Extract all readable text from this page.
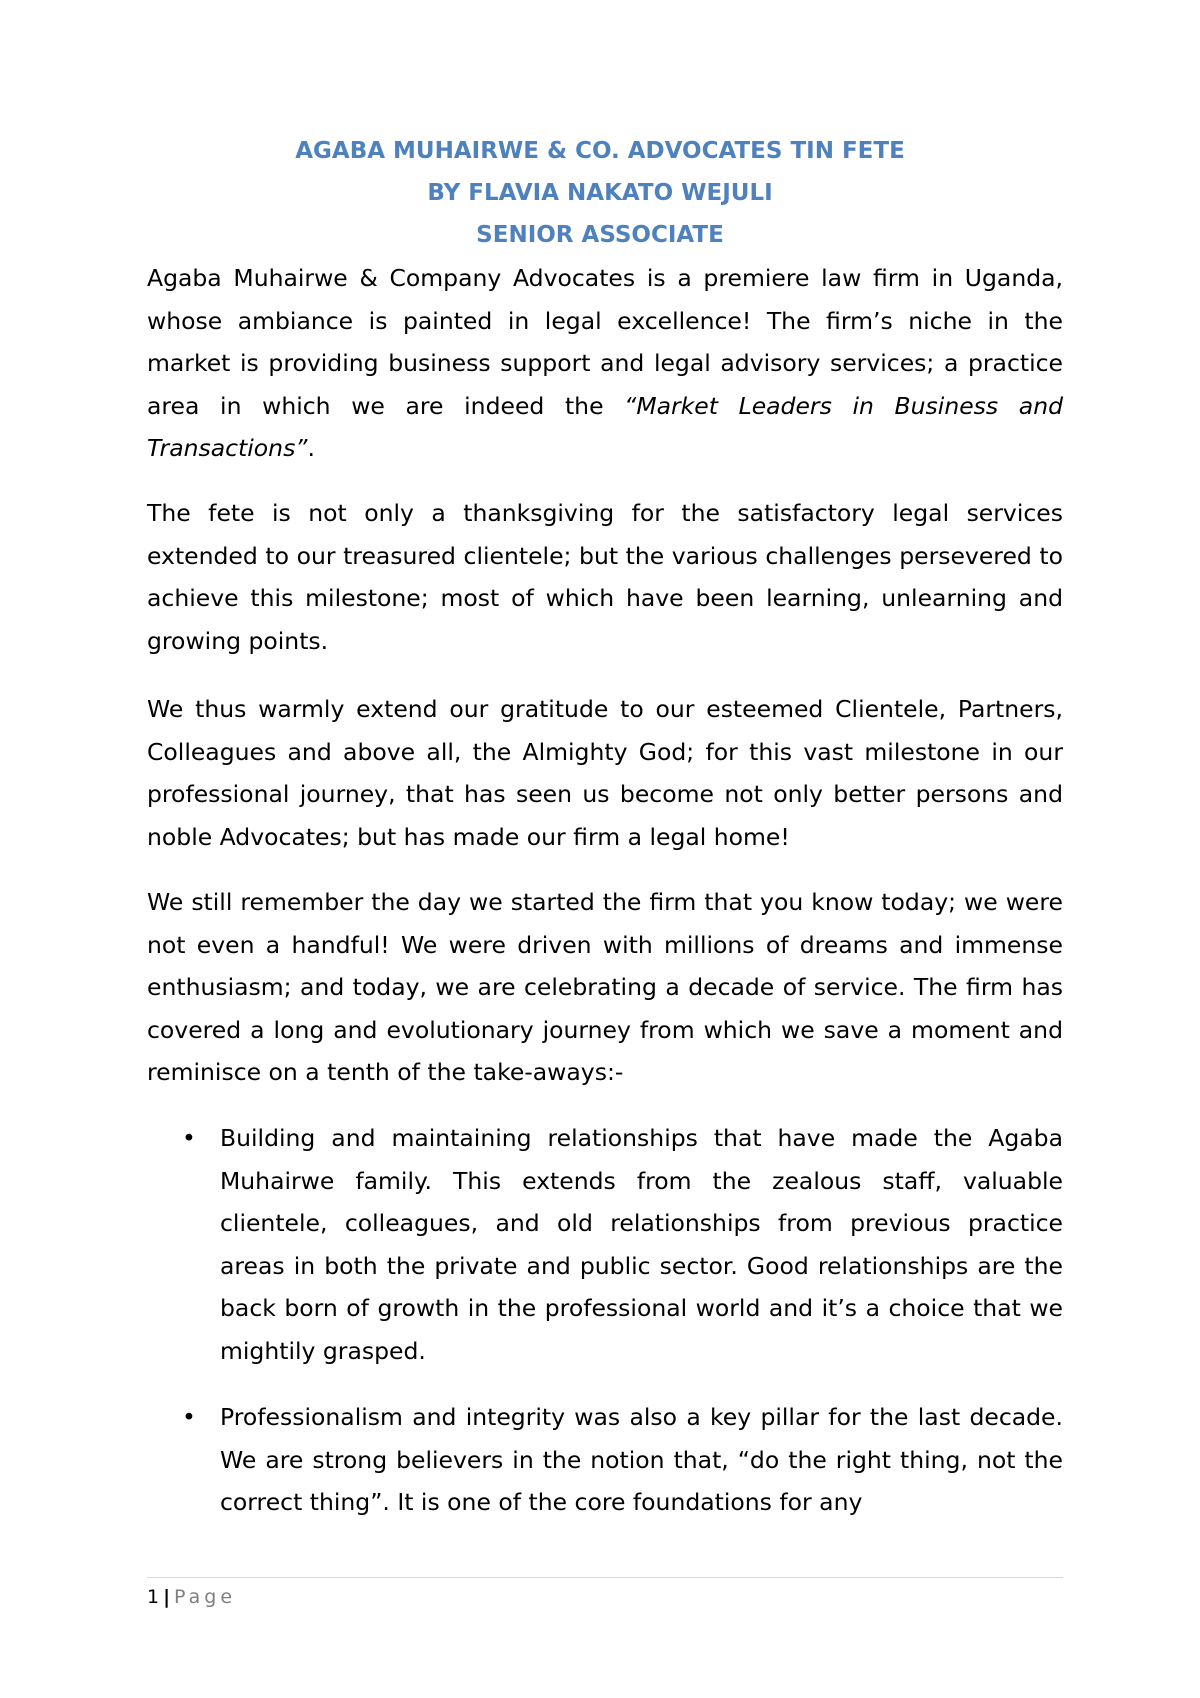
AGABA MUHAIRWE & CO. ADVOCATES TIN FETE

BY FLAVIA NAKATO WEJULI

SENIOR ASSOCIATE

Agaba Muhairwe & Company Advocates is a premiere law firm in Uganda, whose ambiance is painted in legal excellence! The firm’s niche in the market is providing business support and legal advisory services; a practice area in which we are indeed the “Market Leaders in Business and Transactions”.

The fete is not only a thanksgiving for the satisfactory legal services extended to our treasured clientele; but the various challenges persevered to achieve this milestone; most of which have been learning, unlearning and growing points.

We thus warmly extend our gratitude to our esteemed Clientele, Partners, Colleagues and above all, the Almighty God; for this vast milestone in our professional journey, that has seen us become not only better persons and noble Advocates; but has made our firm a legal home!

We still remember the day we started the firm that you know today; we were not even a handful! We were driven with millions of dreams and immense enthusiasm; and today, we are celebrating a decade of service. The firm has covered a long and evolutionary journey from which we save a moment and reminisce on a tenth of the take-aways:-

• Building and maintaining relationships that have made the Agaba Muhairwe family. This extends from the zealous staff, valuable clientele, colleagues, and old relationships from previous practice areas in both the private and public sector. Good relationships are the back born of growth in the professional world and it’s a choice that we mightily grasped.

• Professionalism and integrity was also a key pillar for the last decade. We are strong believers in the notion that, “do the right thing, not the correct thing”. It is one of the core foundations for any

1 | Page
